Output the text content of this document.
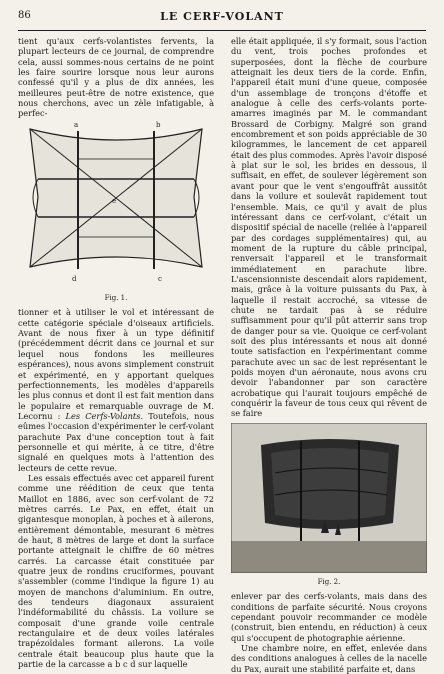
86	LE CERF-VOLANT

tient qu'aux cerfs-volantistes fervents, la plupart lecteurs de ce journal, de comprendre cela, aussi sommes-nous certains de ne point les faire sourire lorsque nous leur aurons confessé qu'il y a plus de dix années, les meilleures peut-être de notre existence, que nous cherchons, avec un zèle infatigable, à perfec-

a	b
c
d
e
Fig. 1.

tionner et à utiliser le vol et intéressant de cette catégorie spéciale d'oiseaux artificiels. Avant de nous fixer à un type définitif (précédemment décrit dans ce journal et sur lequel nous fondons les meilleures espérances), nous avons simplement construit et expérimenté, en y apportant quelques perfectionnements, les modèles d'appareils les plus connus et dont il est fait mention dans le populaire et remarquable ouvrage de M. Lecornu : Les Cerfs-Volants. Toutefois, nous eûmes l'occasion d'expérimenter le cerf-volant parachute Pax d'une conception tout à fait personnelle et qui mérite, à ce titre, d'être signalé en quelques mots à l'attention des lecteurs de cette revue.

Les essais effectués avec cet appareil furent comme une réédition de ceux que tenta Maillot en 1886, avec son cerf-volant de 72 mètres carrés. Le Pax, en effet, était un gigantesque monoplan, à poches et à ailerons, entièrement démontable, mesurant 6 mètres de haut, 8 mètres de large et dont la surface portante atteignait le chiffre de 60 mètres carrés. La carcasse était constituée par quatre jeux de rondins cruciformes, pouvant s'assembler (comme l'indique la figure 1) au moyen de manchons d'aluminium. En outre, des tendeurs diagonaux assuraient l'indéformabilité du châssis. La voilure se composait d'une grande voile centrale rectangulaire et de deux voiles latérales trapézoïdales formant ailerons. La voile centrale était beaucoup plus haute que la partie de la carcasse a b c d sur laquelle

elle était appliquée, il s'y formait, sous l'action du vent, trois poches profondes et superposées, dont la flèche de courbure atteignait les deux tiers de la corde. Enfin, l'appareil était muni d'une queue, composée d'un assemblage de tronçons d'étoffe et analogue à celle des cerfs-volants porte-amarres imaginés par M. le commandant Brossard de Corbigny. Malgré son grand encombrement et son poids appréciable de 30 kilogrammes, le lancement de cet appareil était des plus commodes. Après l'avoir disposé à plat sur le sol, les brides en dessous, il suffisait, en effet, de soulever légèrement son avant pour que le vent s'engouffrât aussitôt dans la voilure et soulevât rapidement tout l'ensemble. Mais, ce qu'il y avait de plus intéressant dans ce cerf-volant, c'était un dispositif spécial de nacelle (reliée à l'appareil par des cordages supplémentaires) qui, au moment de la rupture du câble principal, renversait l'appareil et le transformait immédiatement en parachute libre. L'ascensionniste descendait alors rapidement, mais, grâce à la voiture puissants du Pax, à laquelle il restait accroché, sa vitesse de chute ne tardait pas à se réduire suffisamment pour qu'il pût atterrir sans trop de danger pour sa vie. Quoique ce cerf-volant soit des plus intéressants et nous ait donné toute satisfaction en l'expérimentant comme parachute avec un sac de lest représentant le poids moyen d'un aéronaute, nous avons cru devoir l'abandonner par son caractère acrobatique qui l'aurait toujours empêché de conquérir la faveur de tous ceux qui rêvent de se faire

Fig. 2.

enlever par des cerfs-volants, mais dans des conditions de parfaite sécurité. Nous croyons cependant pouvoir recommander ce modèle (construit, bien entendu, en réduction) à ceux qui s'occupent de photographie aérienne.

Une chambre noire, en effet, enlevée dans des conditions analogues à celles de la nacelle du Pax, aurait une stabilité parfaite et, dans
